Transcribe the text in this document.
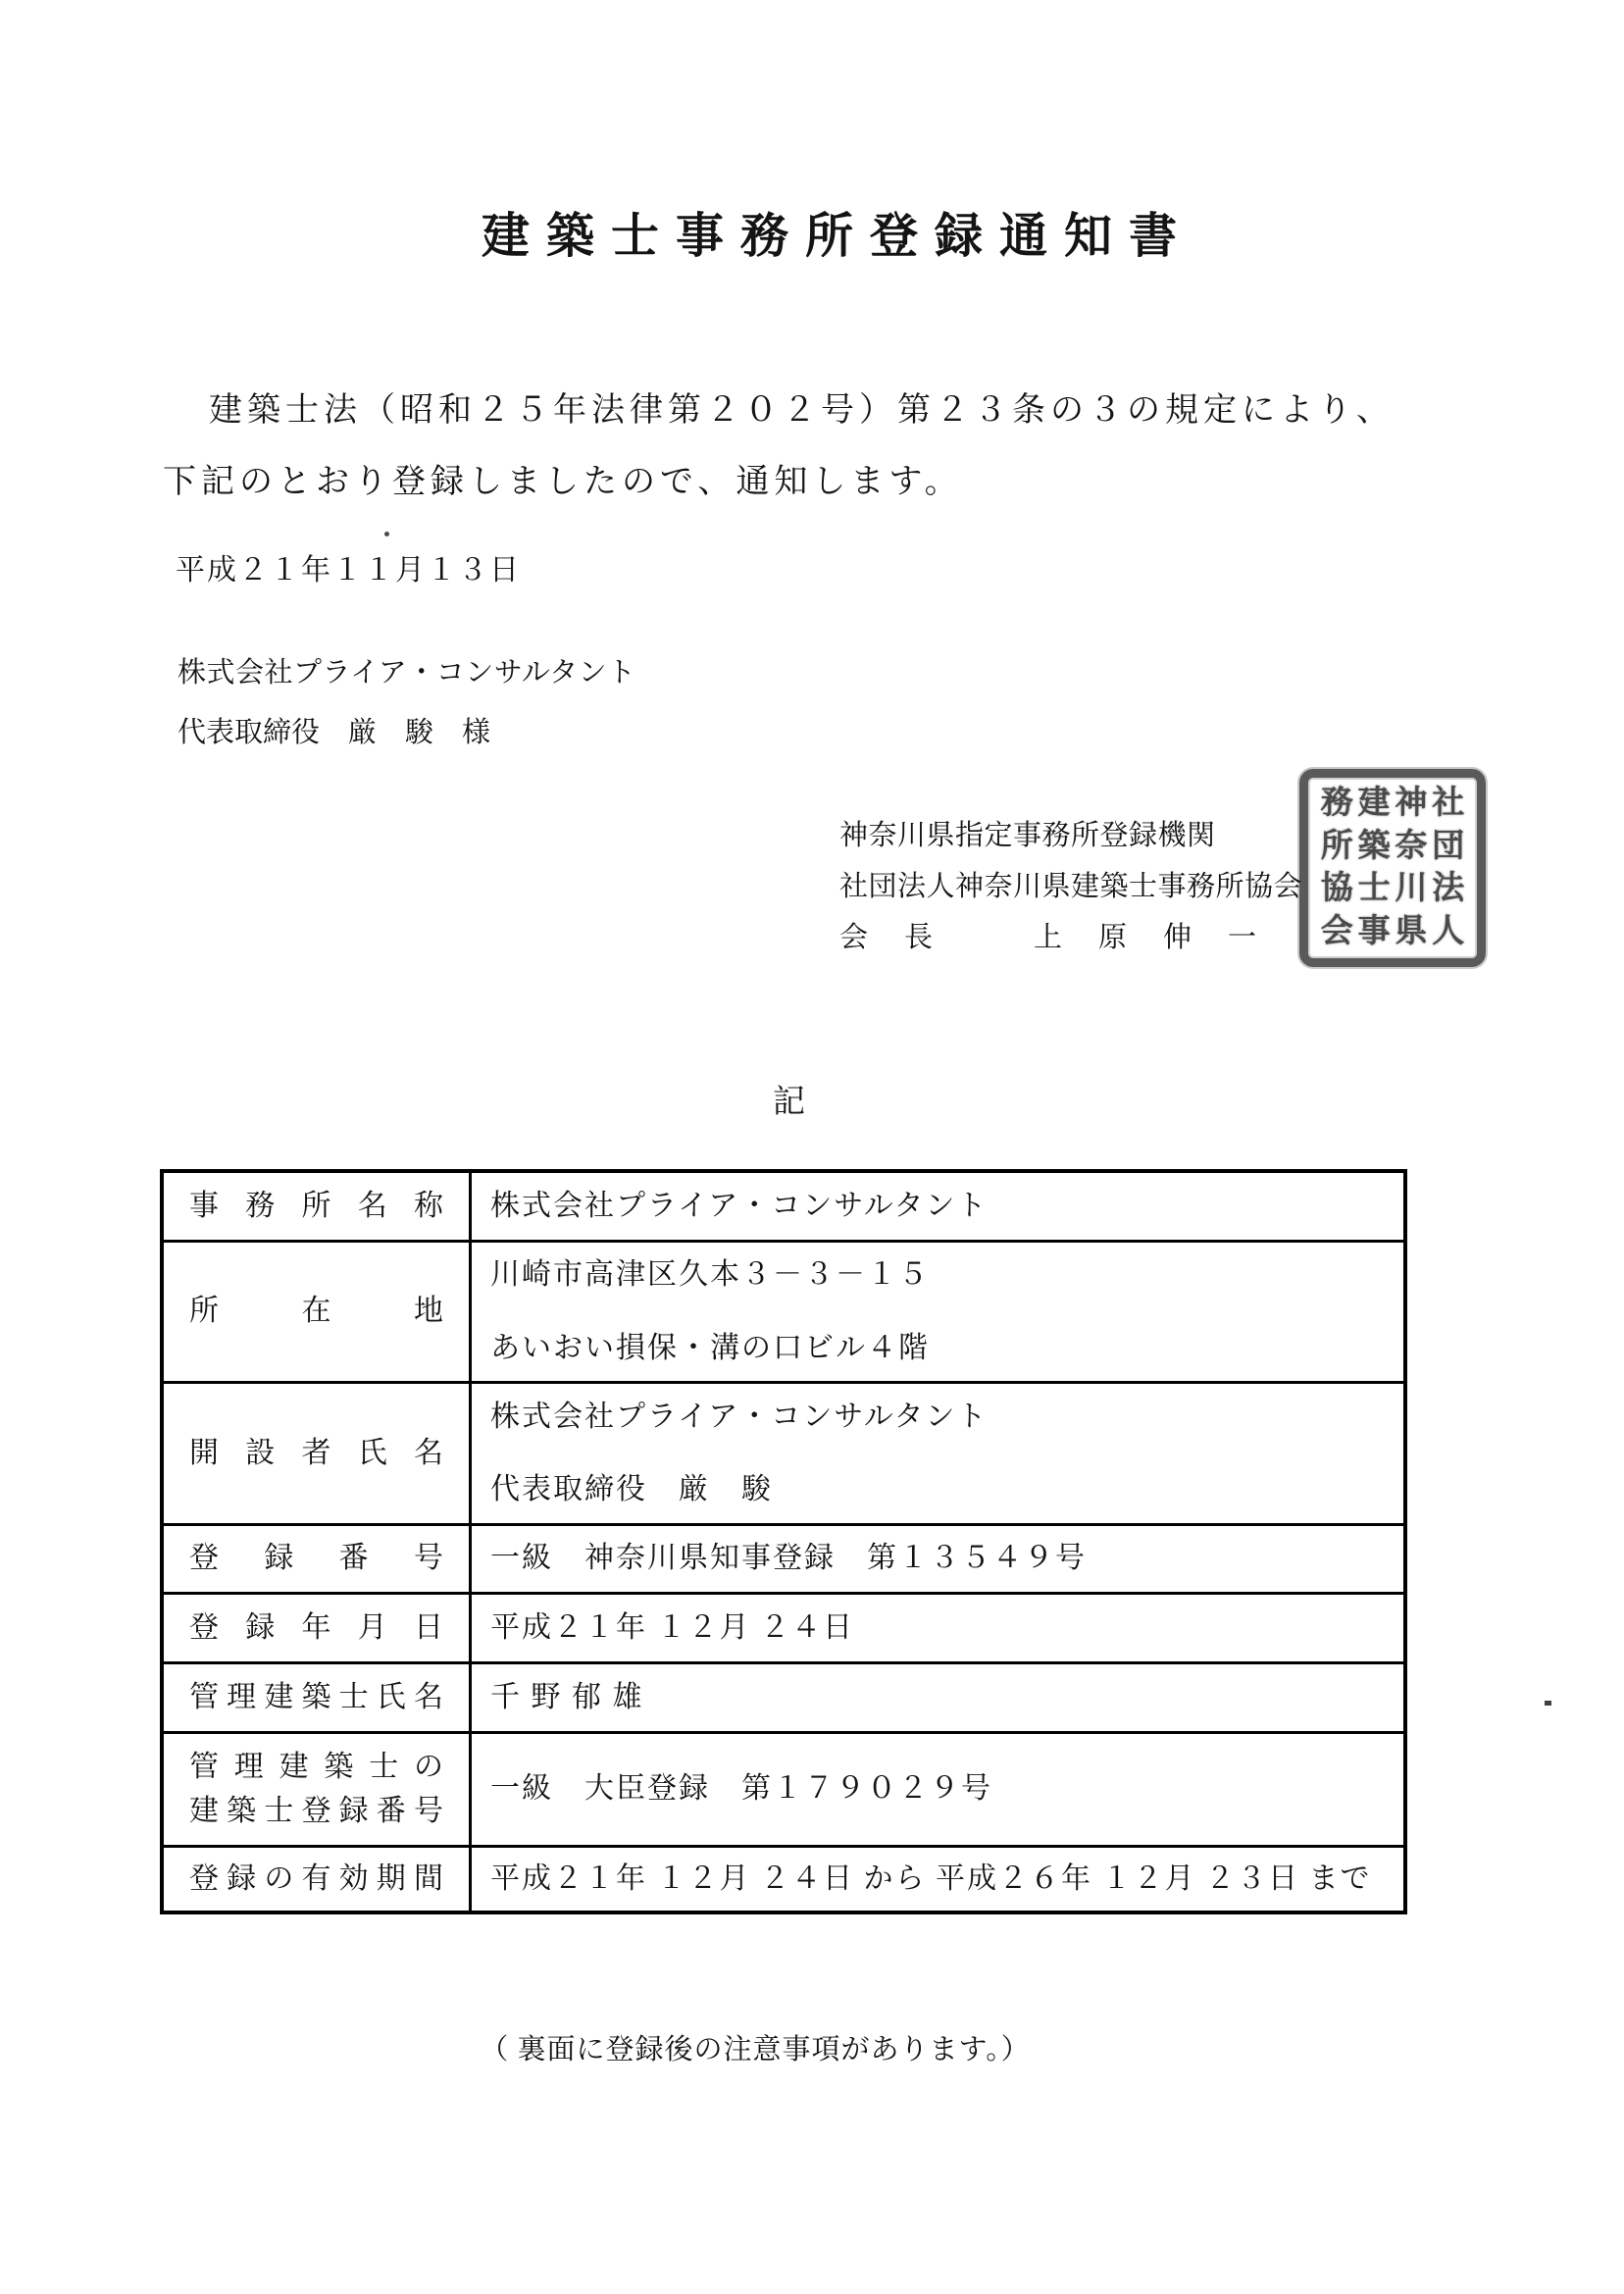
建築士事務所登録通知書
建築士法（昭和２５年法律第２０２号）第２３条の３の規定により、
下記のとおり登録しましたので、通知します。
平成２１年１１月１３日
株式会社プライア・コンサルタント
代表取締役　厳　駿　様
社
団
法
人
神
奈
川
県
建
築
士
事
務
所
協
会
神奈川県指定事務所登録機関
社団法人神奈川県建築士事務所協会
会　長　　　上　原　伸　一
記
事 務 所 名 称 株式会社プライア・コンサルタント
所	在	地
川崎市高津区久本３－３－１５
あいおい損保・溝の口ビル４階
開 設 者 氏 名
株式会社プライア・コンサルタント
代表取締役　厳　駿
登 録 番 号 一級　神奈川県知事登録　第１３５４９号
登 録 年 月 日 平成２１年 １２月 ２４日
管 理 建 築 士 氏 名 千 野 郁 雄
管 理 建 築 士 の
建 築 士 登 録 番 号
一級　大臣登録　第１７９０２９号
登 録 の 有 効 期 間 平成２１年 １２月 ２４日 から 平成２６年 １２月 ２３日 まで
（ 裏面に登録後の注意事項があります。）
